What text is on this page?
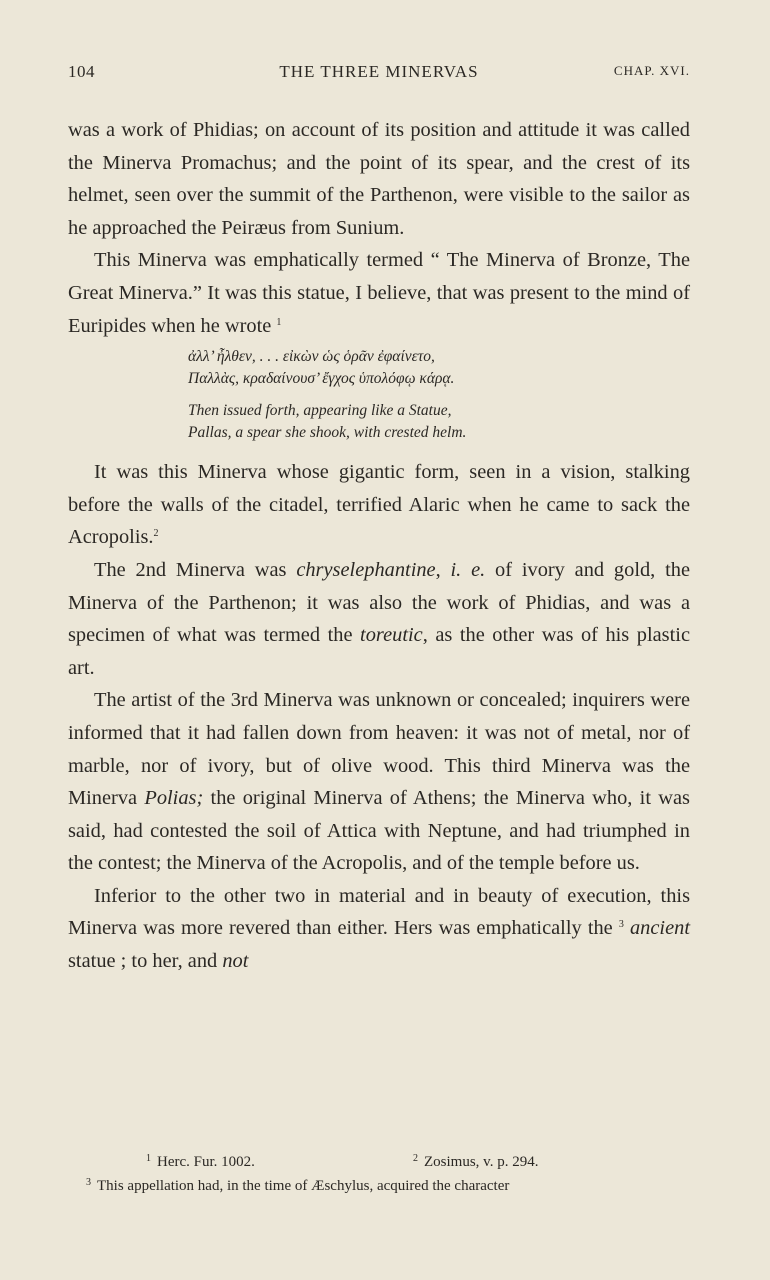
104	THE THREE MINERVAS	CHAP. XVI.

was a work of Phidias; on account of its position and attitude it was called the Minerva Promachus; and the point of its spear, and the crest of its helmet, seen over the summit of the Parthenon, were visible to the sailor as he approached the Peiræus from Sunium.

This Minerva was emphatically termed “ The Minerva of Bronze, The Great Minerva.” It was this statue, I believe, that was present to the mind of Euripides when he wrote $^1$

ἀλλ’ ἦλθεν, . . . εἰκὼν ὡς ὁρᾶν ἐφαίνετο,
Παλλὰς, κραδαίνουσ’ ἔγχος ὑπολόφῳ κάρᾳ.
Then issued forth, appearing like a Statue,
Pallas, a spear she shook, with crested helm.

It was this Minerva whose gigantic form, seen in a vision, stalking before the walls of the citadel, terrified Alaric when he came to sack the Acropolis.$^2$

The 2nd Minerva was chryselephantine, i. e. of ivory and gold, the Minerva of the Parthenon; it was also the work of Phidias, and was a specimen of what was termed the toreutic, as the other was of his plastic art.

The artist of the 3rd Minerva was unknown or concealed; inquirers were informed that it had fallen down from heaven: it was not of metal, nor of marble, nor of ivory, but of olive wood. This third Minerva was the Minerva Polias; the original Minerva of Athens; the Minerva who, it was said, had contested the soil of Attica with Neptune, and had triumphed in the contest; the Minerva of the Acropolis, and of the temple before us.

Inferior to the other two in material and in beauty of execution, this Minerva was more revered than either. Hers was emphatically the $^3$ ancient statue ; to her, and not

$^1$ Herc. Fur. 1002.	$^2$ Zosimus, v. p. 294.
$^3$ This appellation had, in the time of Æschylus, acquired the character
